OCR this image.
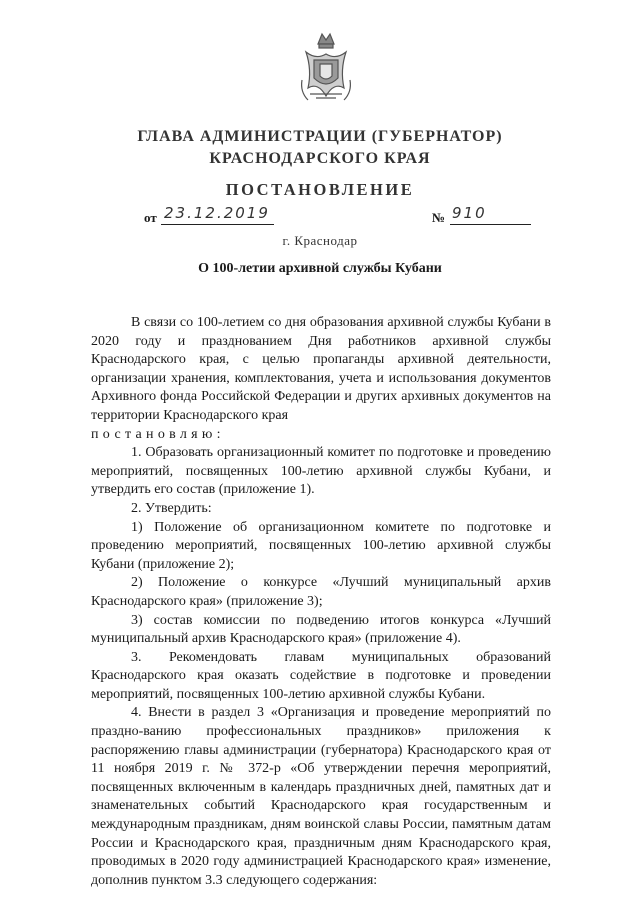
ГЛАВА АДМИНИСТРАЦИИ (ГУБЕРНАТОР)
КРАСНОДАРСКОГО КРАЯ
ПОСТАНОВЛЕНИЕ
от 23.12.2019	№ 910
г. Краснодар
О 100-летии архивной службы Кубани

В связи со 100-летием со дня образования архивной службы Кубани в 2020 году и празднованием Дня работников архивной службы Краснодарского края, с целью пропаганды архивной деятельности, организации хранения, комплектования, учета и использования документов Архивного фонда Российской Федерации и других архивных документов на территории Краснодарского края

постановляю:

1. Образовать организационный комитет по подготовке и проведению мероприятий, посвященных 100-летию архивной службы Кубани, и утвердить его состав (приложение 1).

2. Утвердить:

1) Положение об организационном комитете по подготовке и проведению мероприятий, посвященных 100-летию архивной службы Кубани (приложение 2);

2) Положение о конкурсе «Лучший муниципальный архив Краснодарского края» (приложение 3);

3) состав комиссии по подведению итогов конкурса «Лучший муниципальный архив Краснодарского края» (приложение 4).

3. Рекомендовать главам муниципальных образований Краснодарского края оказать содействие в подготовке и проведении мероприятий, посвященных 100-летию архивной службы Кубани.

4. Внести в раздел 3 «Организация и проведение мероприятий по праздно-ванию профессиональных праздников» приложения к распоряжению главы администрации (губернатора) Краснодарского края от 11 ноября 2019 г. № 372-р «Об утверждении перечня мероприятий, посвященных включенным в календарь праздничных дней, памятных дат и знаменательных событий Краснодарского края государственным и международным праздникам, дням воинской славы России, памятным датам России и Краснодарского края, праздничным дням Краснодарского края, проводимых в 2020 году администрацией Краснодарского края» изменение, дополнив пунктом 3.3 следующего содержания:
